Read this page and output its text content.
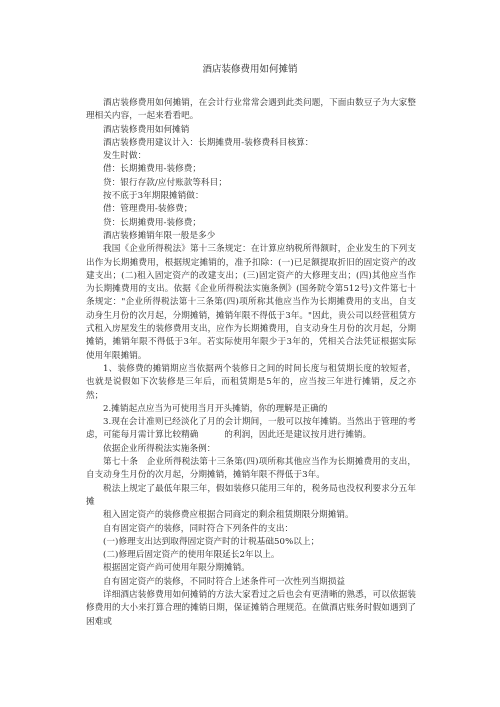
酒店装修费用如何摊销

酒店装修费用如何摊销，在会计行业常常会遇到此类问题，下面由数豆子为大家整理相关内容，一起来看看吧。

酒店装修费用如何摊销

酒店装修费用建议计入：长期摊费用-装修费科目核算：

发生时做：

借：长期摊费用-装修费；

贷：银行存款/应付账款等科目；

按不底于3年期限摊销做：

借：管理费用-装修费；

贷：长期摊费用-装修费；

酒店装修摊销年限一般是多少

我国《企业所得税法》第十三条规定：在计算应纳税所得额时，企业发生的下列支出作为长期摊费用，根据规定摊销的，准予扣除：(一)已足额提取折旧的固定资产的改建支出；(二)租入固定资产的改建支出；(三)固定资产的大修理支出；(四)其他应当作为长期摊费用的支出。依据《企业所得税法实施条例》(国务院令第512号)文件第七十条规定："企业所得税法第十三条第(四)项所称其他应当作为长期摊费用的支出，自支动身生月份的次月起，分期摊销，摊销年限不得低于3年。"因此，贵公司以经营租赁方式租入房屋发生的装修费用支出，应作为长期摊费用，自支动身生月份的次月起，分期摊销，摊销年限不得低于3年。若实际使用年限少于3年的，凭相关合法凭证根据实际使用年限摊销。

1、装修费的摊销期应当依据两个装修日之间的时间长度与租赁期长度的较短者，也就是说假如下次装修是三年后，而租赁期是5年的，应当按三年进行摊销，反之亦然；

2.摊销起点应当为可使用当月开头摊销，你的理解是正确的

3.现在会计准则已经淡化了月的会计期间，一般可以按年摊销。当然出于管理的考虑，可能每月需计算比较精确　　　的利润，因此还是建议按月进行摊销。

依据企业所得税法实施条例：

第七十条　企业所得税法第十三条第(四)项所称其他应当作为长期摊费用的支出，自支动身生月份的次月起，分期摊销，摊销年限不得低于3年。

税法上规定了最低年限三年，假如装修只能用三年的，税务局也没权利要求分五年摊

租入固定资产的装修费应根据合同商定的剩余租赁期限分期摊销。

自有固定资产的装修，同时符合下列条件的支出：

(一)修理支出达到取得固定资产时的计税基础50%以上；

(二)修理后固定资产的使用年限延长2年以上。

根据固定资产尚可使用年限分期摊销。

自有固定资产的装修，不同时符合上述条件可一次性列当期损益

详细酒店装修费用如何摊销的方法大家看过之后也会有更清晰的熟悉，可以依据装修费用的大小来打算合理的摊销日期，保证摊销合理规范。在做酒店账务时假如遇到了困难或
